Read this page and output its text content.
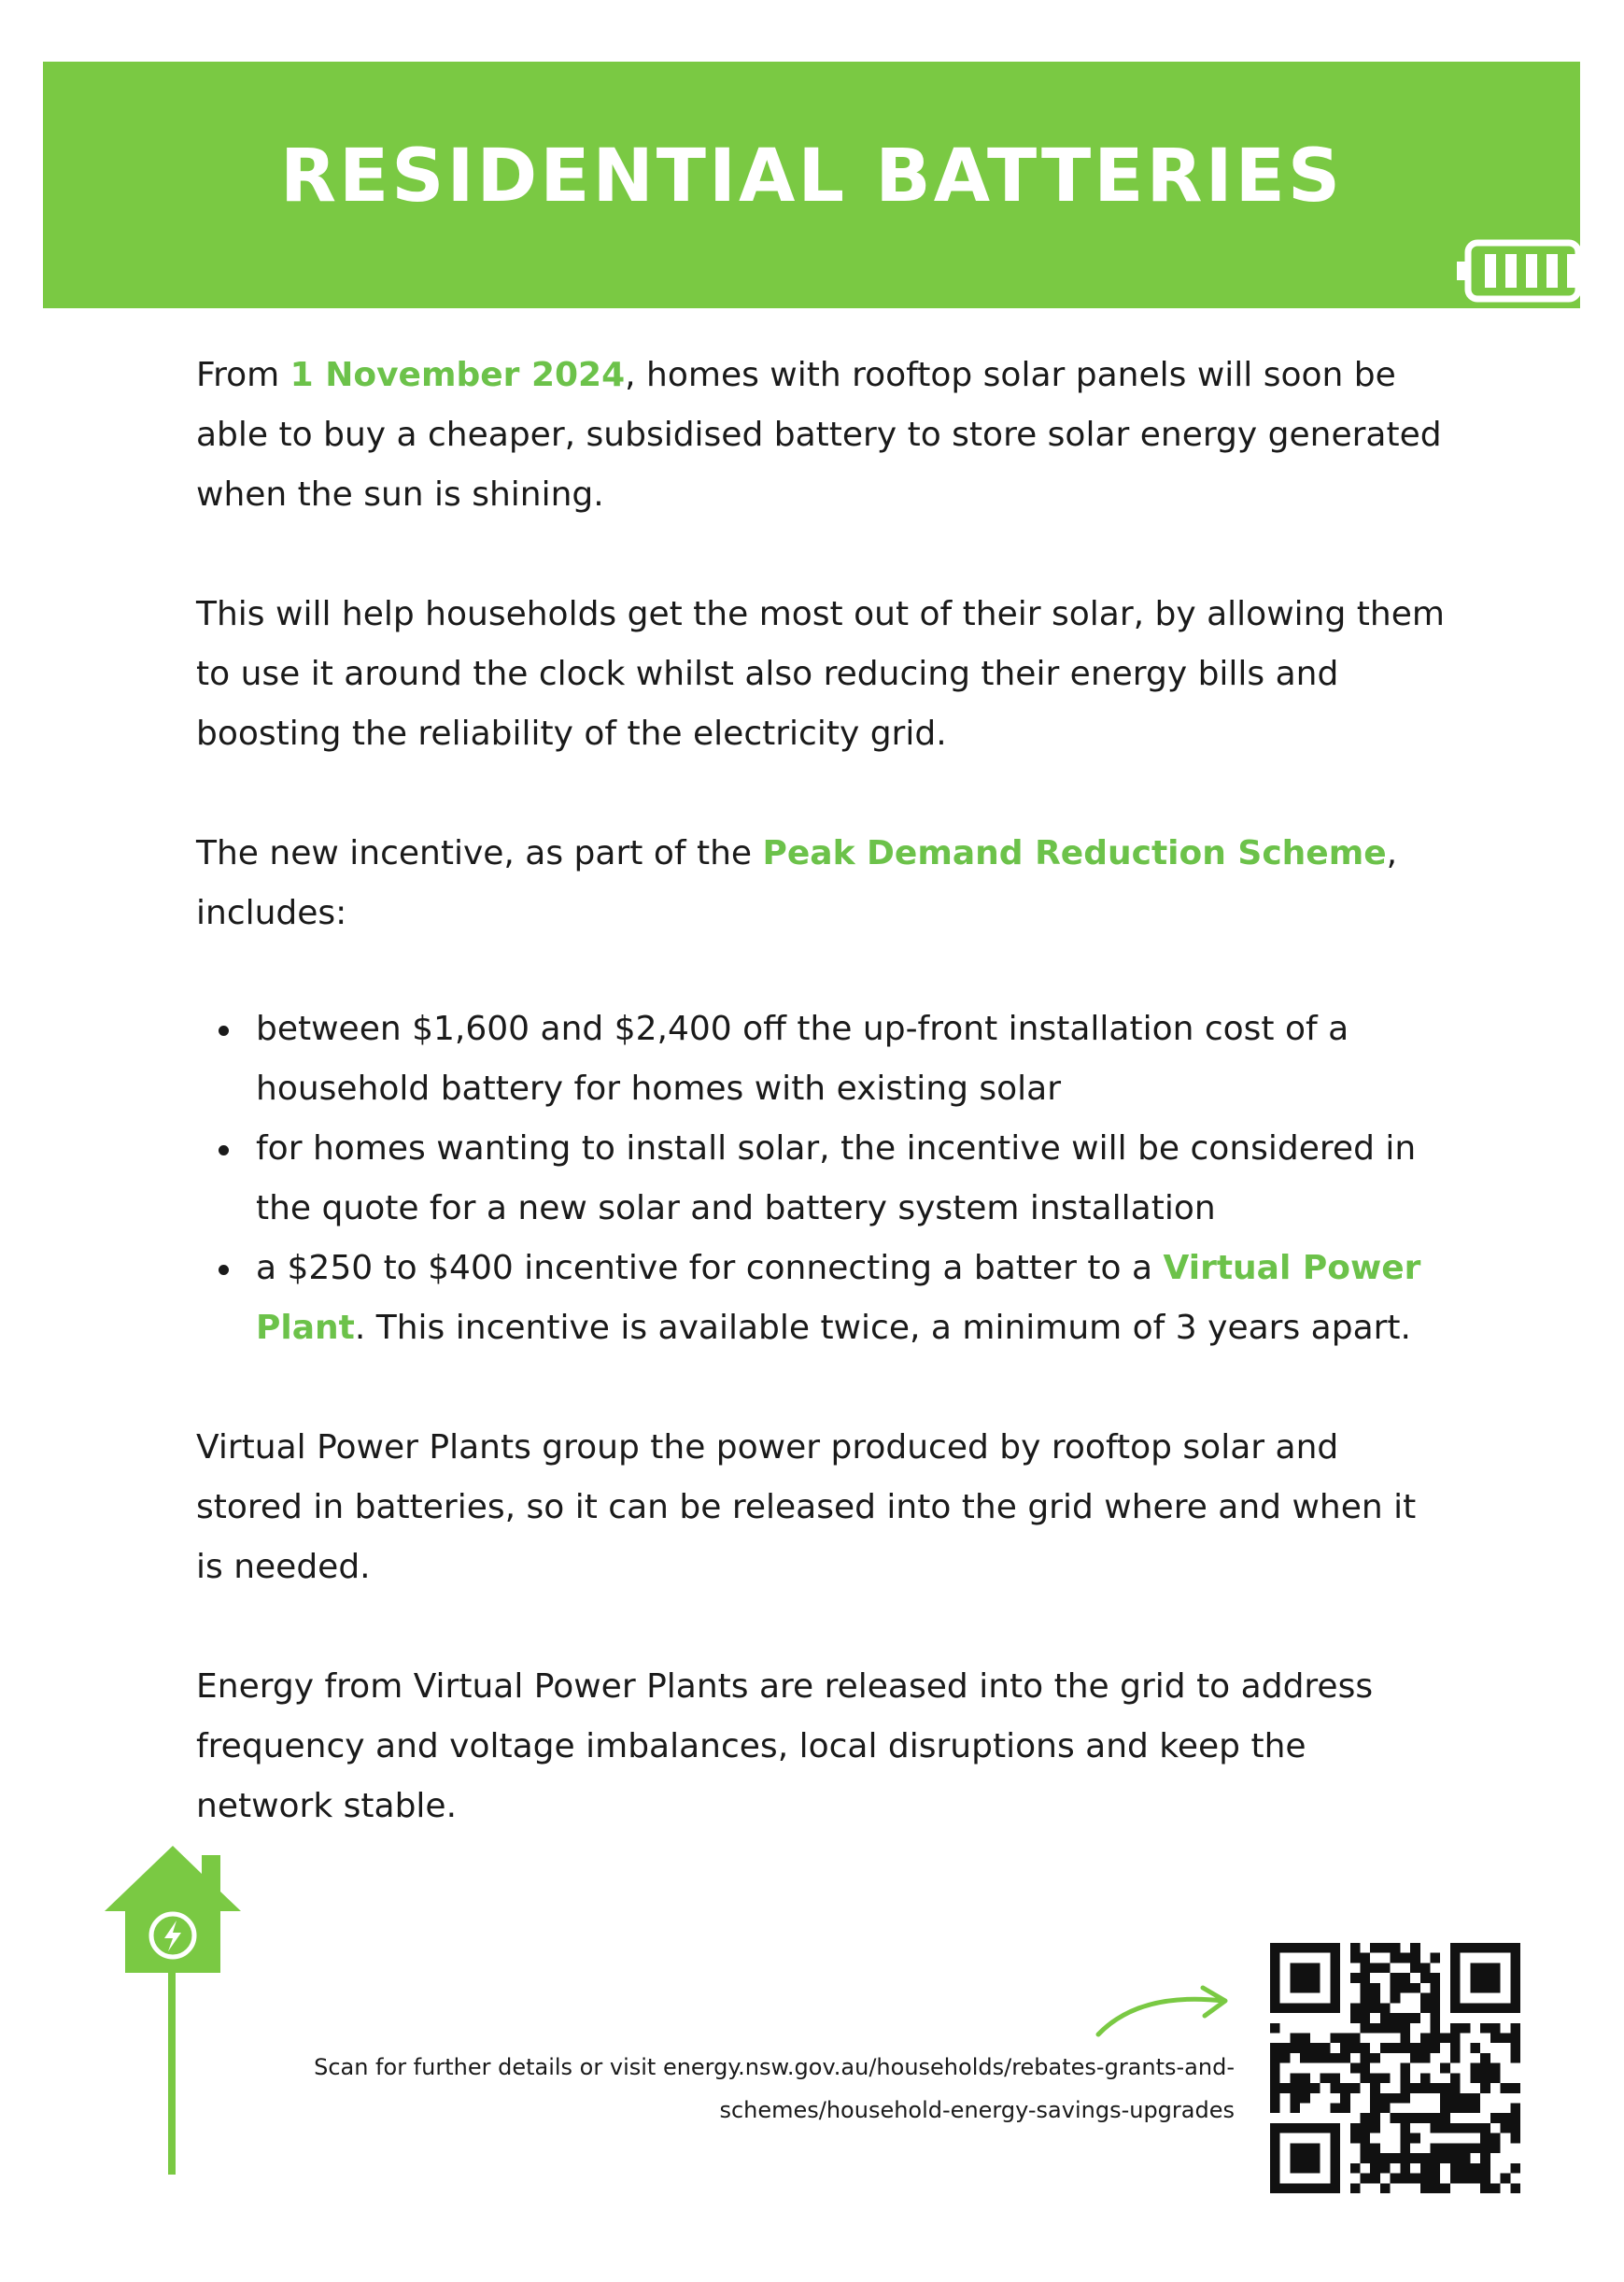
RESIDENTIAL BATTERIES

From 1 November 2024, homes with rooftop solar panels will soon be able to buy a cheaper, subsidised battery to store solar energy generated when the sun is shining.

This will help households get the most out of their solar, by allowing them to use it around the clock whilst also reducing their energy bills and boosting the reliability of the electricity grid.

The new incentive, as part of the Peak Demand Reduction Scheme, includes:

between $1,600 and $2,400 off the up-front installation cost of a household battery for homes with existing solar
for homes wanting to install solar, the incentive will be considered in the quote for a new solar and battery system installation
a $250 to $400 incentive for connecting a batter to a Virtual Power Plant. This incentive is available twice, a minimum of 3 years apart.

Virtual Power Plants group the power produced by rooftop solar and stored in batteries, so it can be released into the grid where and when it is needed.

Energy from Virtual Power Plants are released into the grid to address frequency and voltage imbalances, local disruptions and keep the network stable.

Scan for further details or visit energy.nsw.gov.au/households/rebates-grants-and-
schemes/household-energy-savings-upgrades
